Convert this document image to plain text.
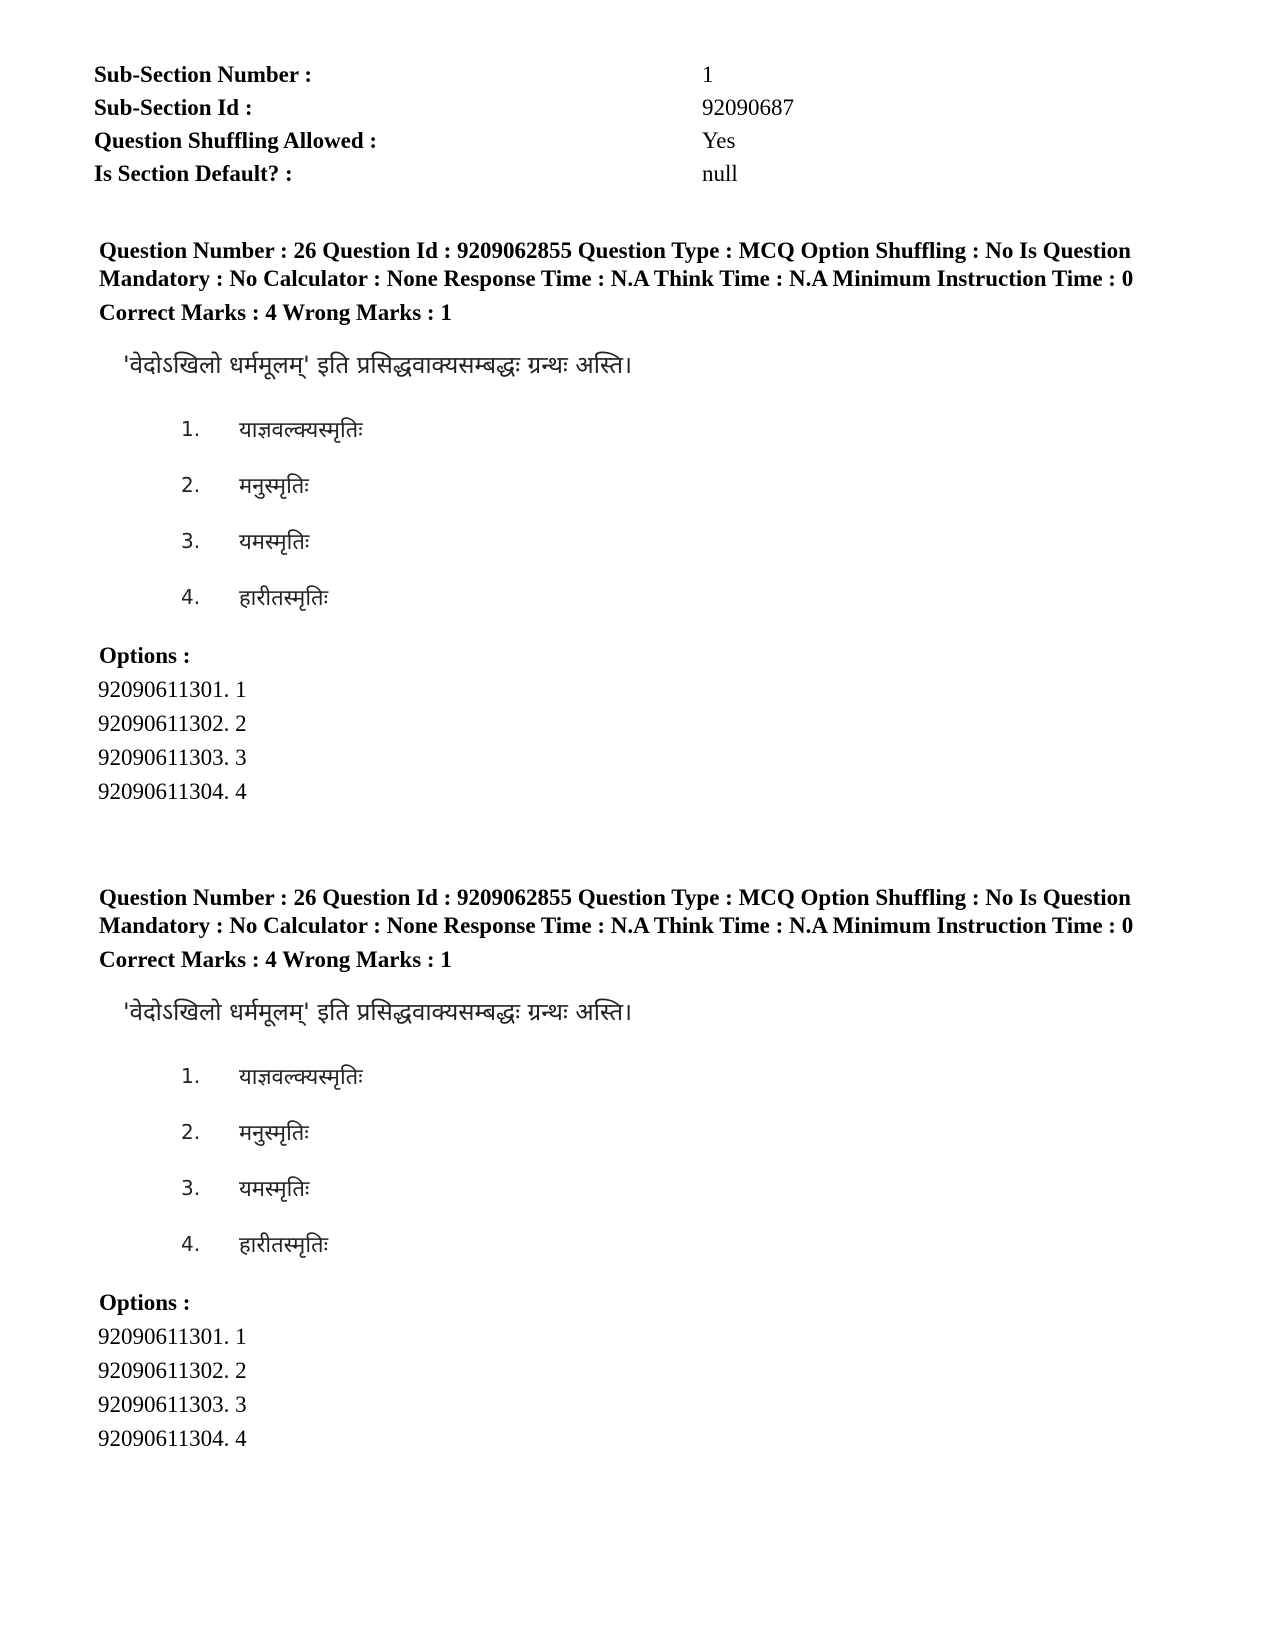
Sub-Section Number :	1
Sub-Section Id :	92090687
Question Shuffling Allowed :	Yes
Is Section Default? :	null
Question Number : 26 Question Id : 9209062855 Question Type : MCQ Option Shuffling : No Is Question Mandatory : No Calculator : None Response Time : N.A Think Time : N.A Minimum Instruction Time : 0
Correct Marks : 4 Wrong Marks : 1
'वेदोऽखिलो धर्ममूलम्' इति प्रसिद्धवाक्यसम्बद्धः ग्रन्थः अस्ति।
1.	याज्ञवल्क्यस्मृतिः
2.	मनुस्मृतिः
3.	यमस्मृतिः
4.	हारीतस्मृतिः
Options :
92090611301. 1
92090611302. 2
92090611303. 3
92090611304. 4
Question Number : 26 Question Id : 9209062855 Question Type : MCQ Option Shuffling : No Is Question Mandatory : No Calculator : None Response Time : N.A Think Time : N.A Minimum Instruction Time : 0
Correct Marks : 4 Wrong Marks : 1
'वेदोऽखिलो धर्ममूलम्' इति प्रसिद्धवाक्यसम्बद्धः ग्रन्थः अस्ति।
1.	याज्ञवल्क्यस्मृतिः
2.	मनुस्मृतिः
3.	यमस्मृतिः
4.	हारीतस्मृतिः
Options :
92090611301. 1
92090611302. 2
92090611303. 3
92090611304. 4
